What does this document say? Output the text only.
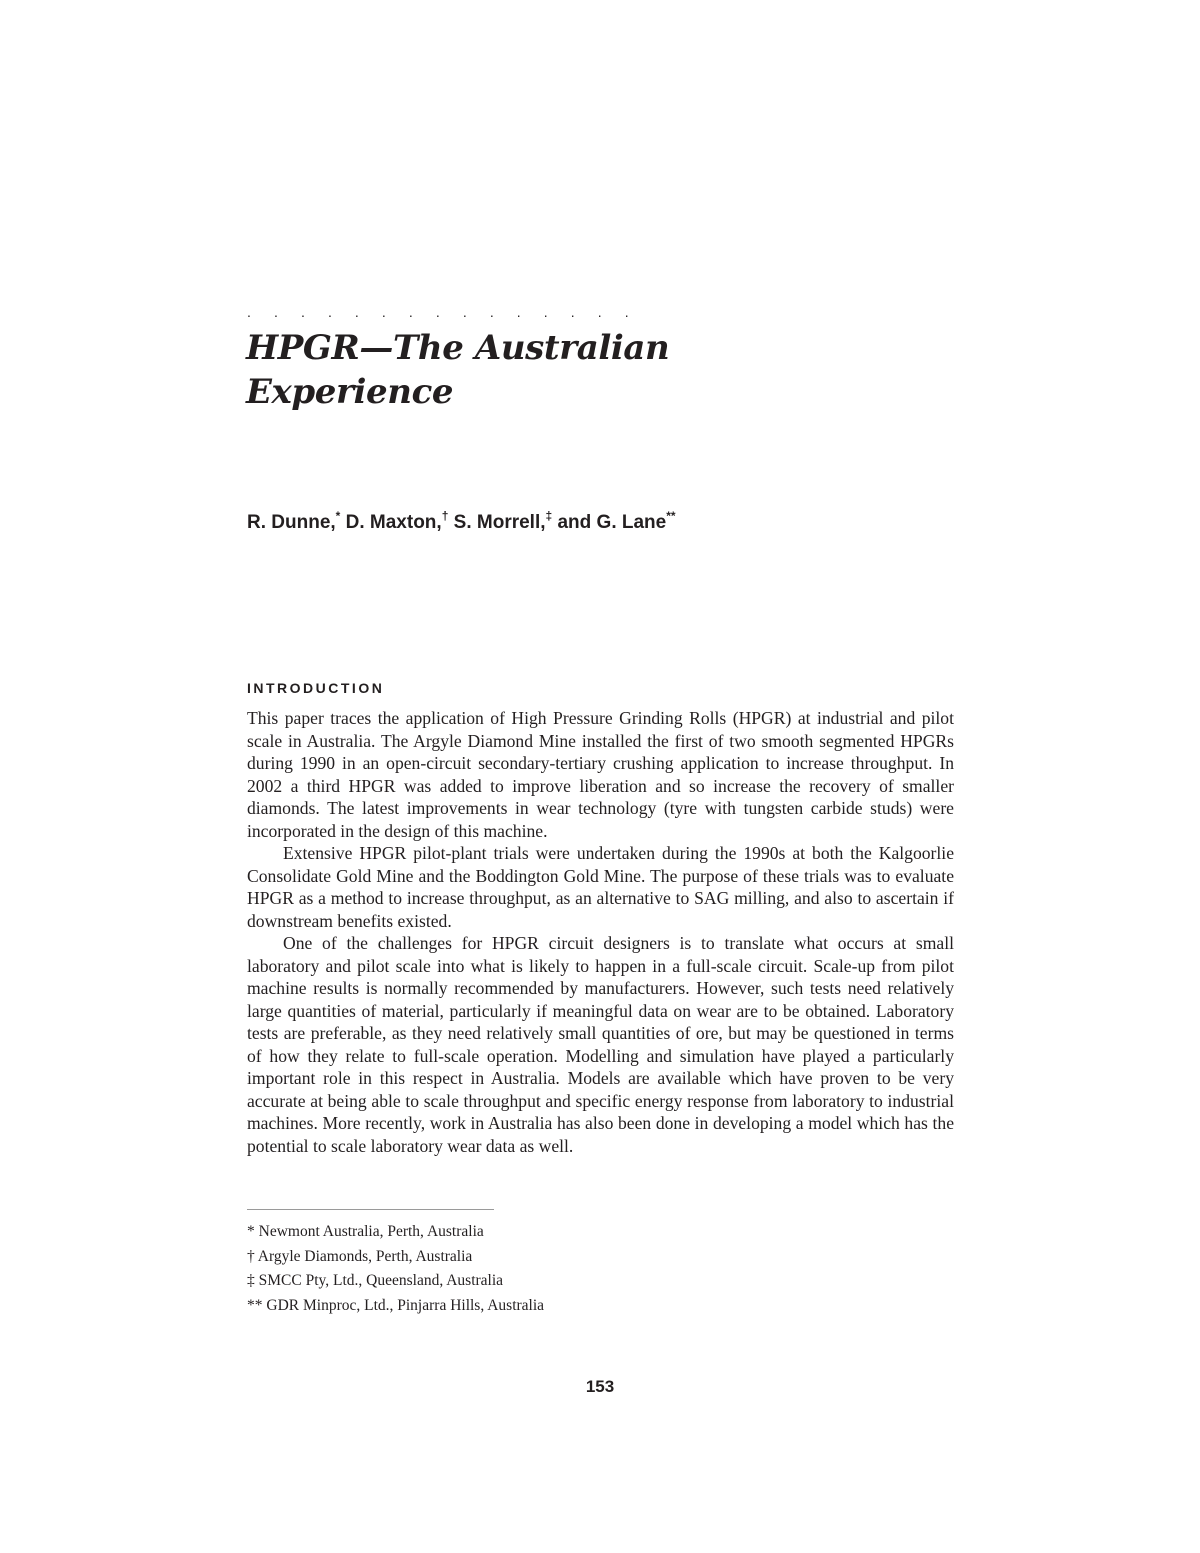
. . . . . . . . . . . . . . .
HPGR—The Australian
Experience
R. Dunne,* D. Maxton,† S. Morrell,‡ and G. Lane**
INTRODUCTION

This paper traces the application of High Pressure Grinding Rolls (HPGR) at industrial and pilot scale in Australia. The Argyle Diamond Mine installed the first of two smooth segmented HPGRs during 1990 in an open-circuit secondary-tertiary crushing application to increase throughput. In 2002 a third HPGR was added to improve liberation and so increase the recovery of smaller diamonds. The latest improvements in wear technology (tyre with tungsten carbide studs) were incorporated in the design of this machine.

Extensive HPGR pilot-plant trials were undertaken during the 1990s at both the Kalgoorlie Consolidate Gold Mine and the Boddington Gold Mine. The purpose of these trials was to evaluate HPGR as a method to increase throughput, as an alternative to SAG milling, and also to ascertain if downstream benefits existed.

One of the challenges for HPGR circuit designers is to translate what occurs at small laboratory and pilot scale into what is likely to happen in a full-scale circuit. Scale-up from pilot machine results is normally recommended by manufacturers. However, such tests need relatively large quantities of material, particularly if meaningful data on wear are to be obtained. Laboratory tests are preferable, as they need relatively small quantities of ore, but may be questioned in terms of how they relate to full-scale operation. Modelling and simulation have played a particularly important role in this respect in Australia. Models are available which have proven to be very accurate at being able to scale throughput and specific energy response from laboratory to industrial machines. More recently, work in Australia has also been done in developing a model which has the potential to scale laboratory wear data as well.

* Newmont Australia, Perth, Australia
† Argyle Diamonds, Perth, Australia
‡ SMCC Pty, Ltd., Queensland, Australia
** GDR Minproc, Ltd., Pinjarra Hills, Australia
153
